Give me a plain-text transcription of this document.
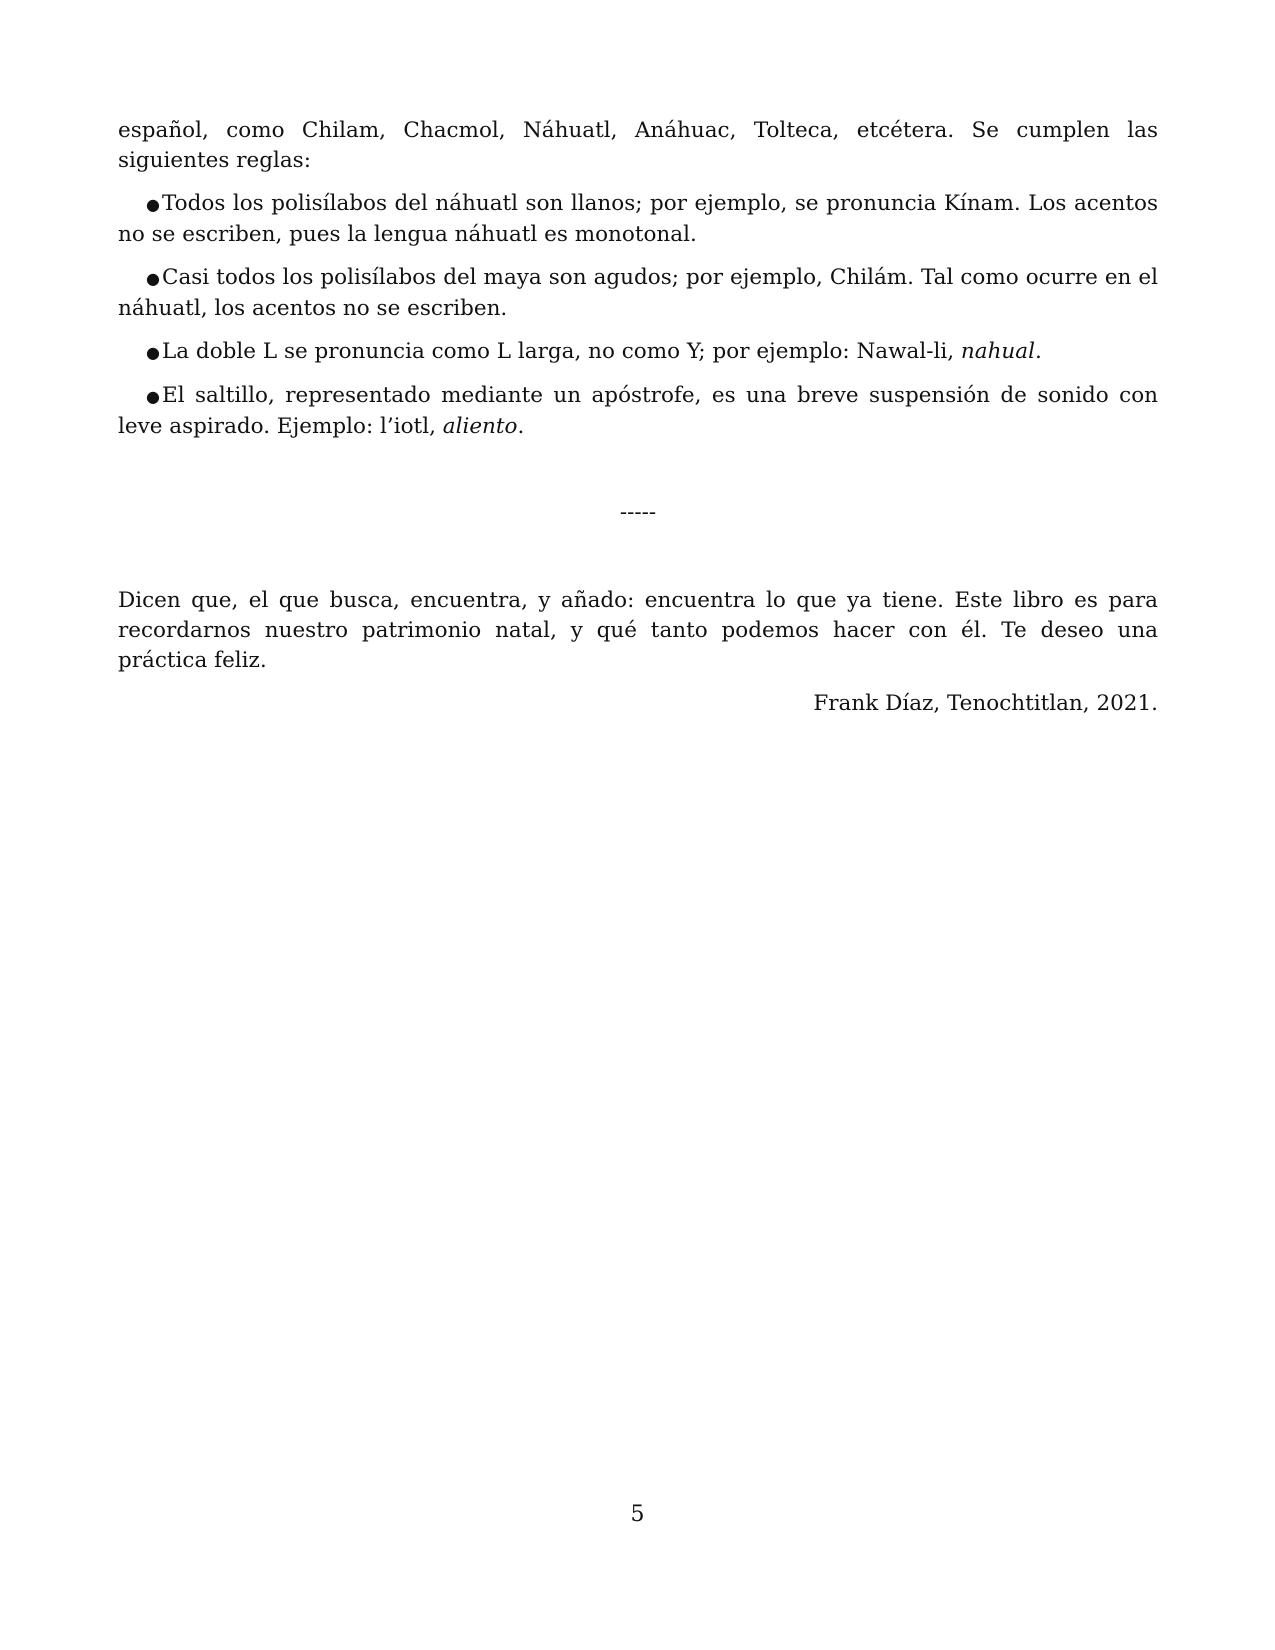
español, como Chilam, Chacmol, Náhuatl, Anáhuac, Tolteca, etcétera. Se cumplen las siguientes reglas:

●Todos los polisílabos del náhuatl son llanos; por ejemplo, se pronuncia Kínam. Los acentos no se escriben, pues la lengua náhuatl es monotonal.

●Casi todos los polisílabos del maya son agudos; por ejemplo, Chilám. Tal como ocurre en el náhuatl, los acentos no se escriben.

●La doble L se pronuncia como L larga, no como Y; por ejemplo: Nawal-li, nahual.

●El saltillo, representado mediante un apóstrofe, es una breve suspensión de sonido con leve aspirado. Ejemplo: l’iotl, aliento.

-----

Dicen que, el que busca, encuentra, y añado: encuentra lo que ya tiene. Este libro es para recordarnos nuestro patrimonio natal, y qué tanto podemos hacer con él. Te deseo una práctica feliz.

Frank Díaz, Tenochtitlan, 2021.

5
